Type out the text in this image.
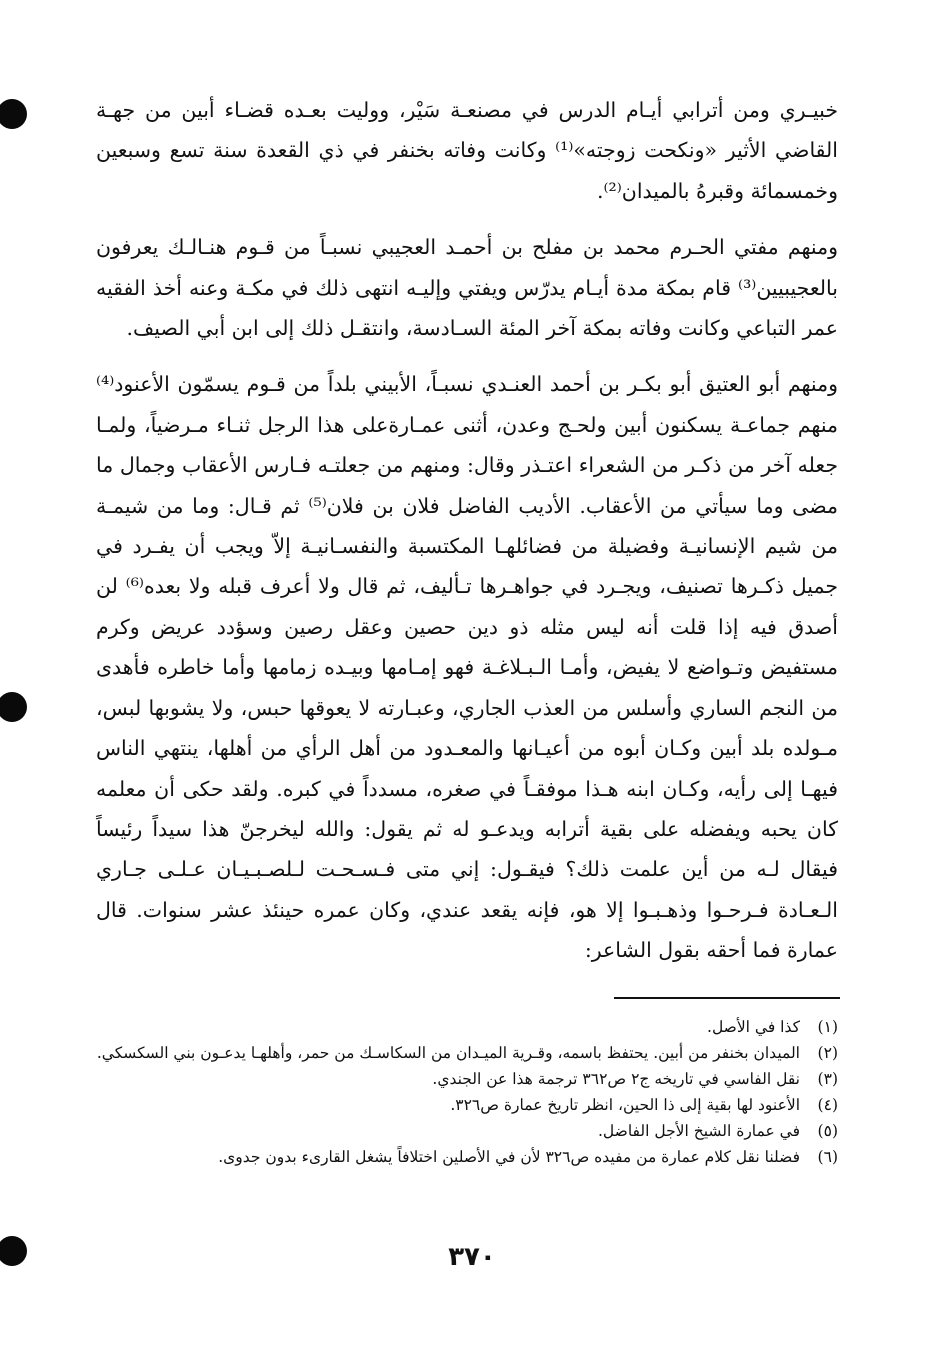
خبيـري ومن أترابي أيـام الدرس في مصنعـة سَيْر، ووليت بعـده قضـاء أبين من جهـة القاضي الأثير «ونكحت زوجته»⁽¹⁾ وكانت وفاته بخنفر في ذي القعدة سنة تسع وسبعين وخمسمائة وقبرهُ بالميدان⁽²⁾.

ومنهم مفتي الحـرم محمد بن مفلح بن أحمـد العجيبي نسبـاً من قـوم هنـالـك يعرفون بالعجيبيين⁽³⁾ قام بمكة مدة أيـام يدرّس ويفتي وإليـه انتهى ذلك في مكـة وعنه أخذ الفقيه عمر التباعي وكانت وفاته بمكة آخر المئة السـادسة، وانتقـل ذلك إلى ابن أبي الصيف.

ومنهم أبو العتيق أبو بكـر بن أحمد العنـدي نسبـاً، الأبيني بلداً من قـوم يسمّون الأعنود⁽⁴⁾ منهم جماعـة يسكنون أبين ولحـج وعدن، أثنى عمـارةعلى هذا الرجل ثنـاء مـرضياً، ولمـا جعله آخر من ذكـر من الشعراء اعتـذر وقال: ومنهم من جعلتـه فـارس الأعقاب وجمال ما مضى وما سيأتي من الأعقاب. الأديب الفاضل فلان بن فلان⁽⁵⁾ ثم قـال: وما من شيمـة من شيم الإنسانيـة وفضيلة من فضائلهـا المكتسبة والنفسـانيـة إلاّ ويجب أن يفـرد في جميل ذكـرها تصنيف، ويجـرد في جواهـرها تـأليف، ثم قال ولا أعرف قبله ولا بعده⁽⁶⁾ لن أصدق فيه إذا قلت أنه ليس مثله ذو دين حصين وعقل رصين وسؤدد عريض وكرم مستفيض وتـواضع لا يفيض، وأمـا الـبـلاغـة فهو إمـامها وبيـده زمامها وأما خاطره فأهدى من النجم الساري وأسلس من العذب الجاري، وعبـارته لا يعوقها حبس، ولا يشوبها لبس، مـولده بلد أبين وكـان أبوه من أعيـانها والمعـدود من أهل الرأي من أهلها، ينتهي الناس فيهـا إلى رأيه، وكـان ابنه هـذا موفقـاً في صغره، مسدداً في كبره. ولقد حكى أن معلمه كان يحبه ويفضله على بقية أترابه ويدعـو له ثم يقول: والله ليخرجنّ هذا سيداً رئيساً فيقال لـه من أين علمت ذلك؟ فيقـول: إني متى فـسـحـت لـلصـبـيـان عـلـى جـاري الـعـادة فـرحـوا وذهـبـوا إلا هو، فإنه يقعد عندي، وكان عمره حينئذ عشر سنوات. قال عمارة فما أحقه بقول الشاعر:

(١)
كذا في الأصل.
(٢)
الميدان بخنفر من أبين. يحتفظ باسمه، وقـرية الميـدان من السكاسـك من حمر، وأهلهـا يدعـون بني السكسكي.
(٣)
نقل الفاسي في تاريخه ج٢ ص٣٦٢ ترجمة هذا عن الجندي.
(٤)
الأعنود لها بقية إلى ذا الحين، انظر تاريخ عمارة ص٣٢٦.
(٥)
في عمارة الشيخ الأجل الفاضل.
(٦)
فضلنا نقل كلام عمارة من مفيده ص٣٢٦ لأن في الأصلين اختلافاً يشغل القارىء بدون جدوى.
٣٧٠
